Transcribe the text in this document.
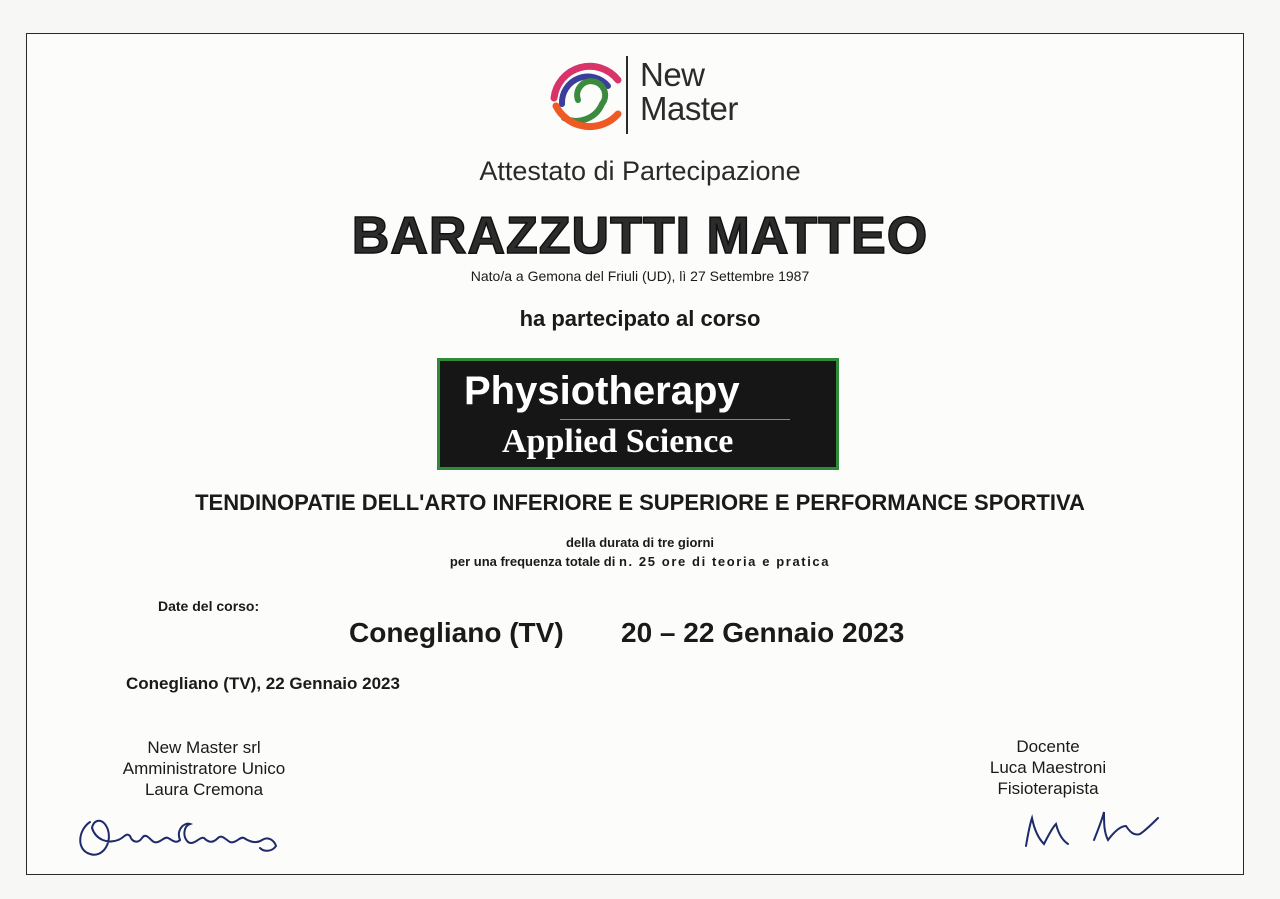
New
Master
Attestato di Partecipazione
BARAZZUTTI MATTEO
Nato/a a Gemona del Friuli (UD), lì 27 Settembre 1987
ha partecipato al corso
Physiotherapy
Applied Science
TENDINOPATIE DELL'ARTO INFERIORE E SUPERIORE E PERFORMANCE SPORTIVA
della durata di tre giorni
per una frequenza totale di n. 25 ore di teoria e pratica
Date del corso:
Conegliano (TV) 20 – 22 Gennaio 2023
Conegliano (TV), 22 Gennaio 2023
New Master srl
Amministratore Unico
Laura Cremona
Docente
Luca Maestroni
Fisioterapista
